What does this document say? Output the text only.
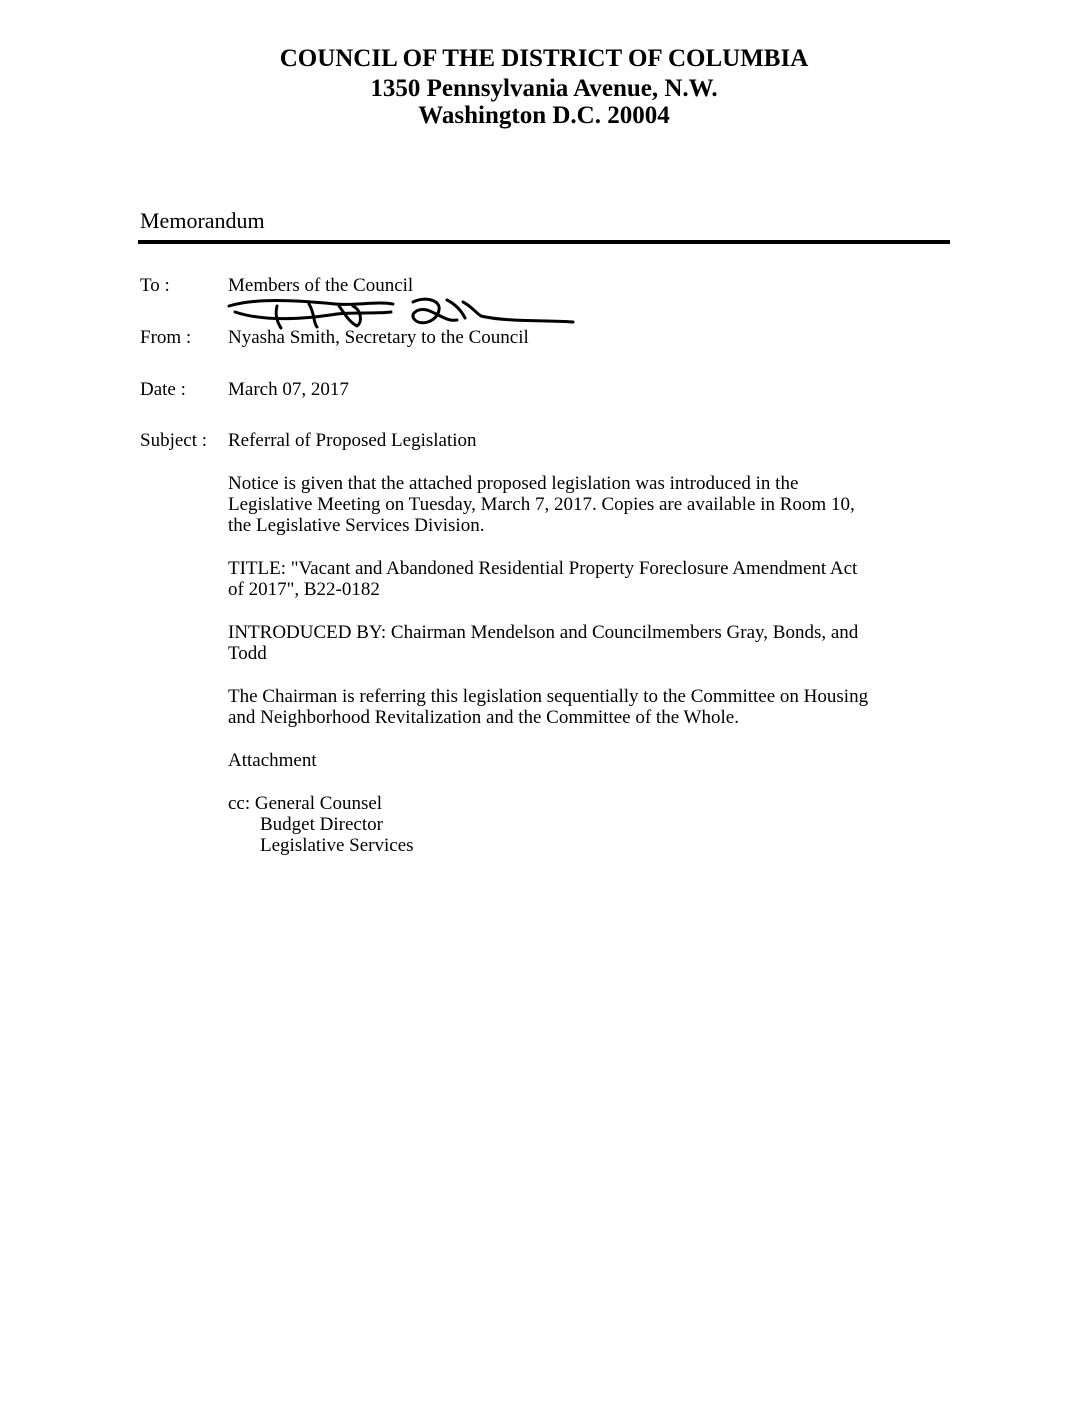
COUNCIL OF THE DISTRICT OF COLUMBIA
1350 Pennsylvania Avenue, N.W.
Washington D.C. 20004
Memorandum
To :	Members of the Council
From : Nyasha Smith, Secretary to the Council
Date : March 07, 2017
Subject : Referral of Proposed Legislation
Notice is given that the attached proposed legislation was introduced in the
Legislative Meeting on Tuesday, March 7, 2017. Copies are available in Room 10,
the Legislative Services Division.
TITLE: "Vacant and Abandoned Residential Property Foreclosure Amendment Act
of 2017", B22-0182
INTRODUCED BY: Chairman Mendelson and Councilmembers Gray, Bonds, and
Todd
The Chairman is referring this legislation sequentially to the Committee on Housing
and Neighborhood Revitalization and the Committee of the Whole.
Attachment
cc: General Counsel
Budget Director
Legislative Services
